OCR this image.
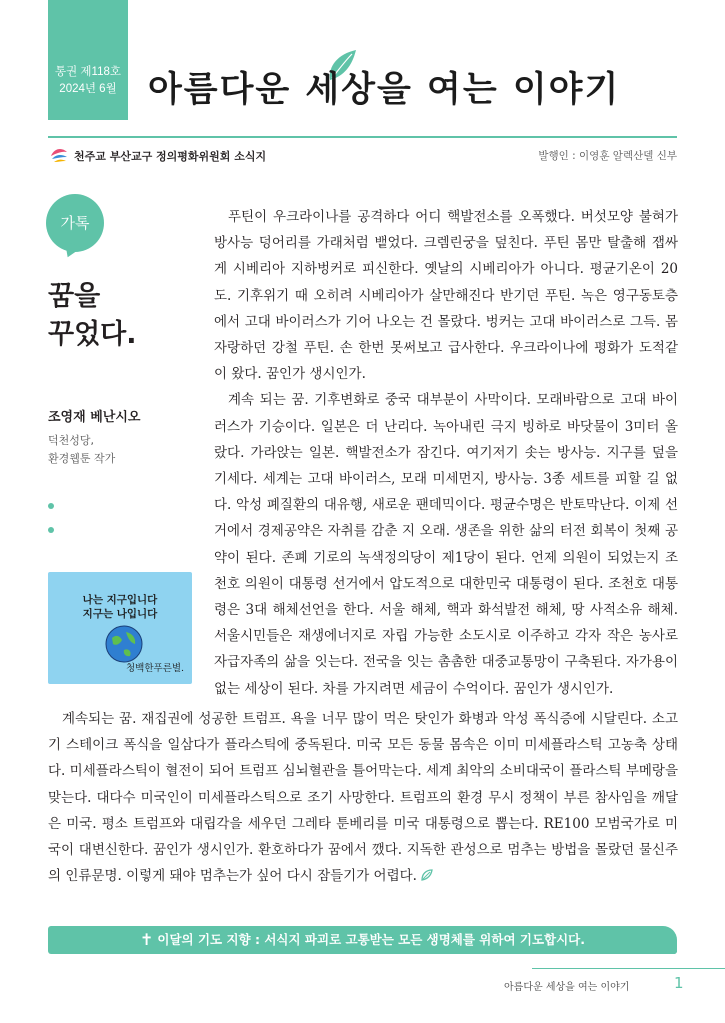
통권 제118호
2024년 6월 아름다운 세상을 여는 이야기
천주교 부산교구 정의평화위원회 소식지	발행인 : 이영훈 알렉산델 신부
가톡
꿈을
꾸었다.
조영재 베난시오
덕천성당,
환경웹툰 작가
나는 지구입니다
지구는 나입니다
청백한푸른별.

푸틴이 우크라이나를 공격하다 어디 핵발전소를 오폭했다. 버섯모양 불혀가 방사능 덩어리를 가래처럼 뱉었다. 크렘린궁을 덮친다. 푸틴 몸만 탈출해 잽싸게 시베리아 지하벙커로 피신한다. 옛날의 시베리아가 아니다. 평균기온이 20도. 기후위기 때 오히려 시베리아가 살만해진다 반기던 푸틴. 녹은 영구동토층에서 고대 바이러스가 기어 나오는 건 몰랐다. 벙커는 고대 바이러스로 그득. 몸 자랑하던 강철 푸틴. 손 한번 못써보고 급사한다. 우크라이나에 평화가 도적같이 왔다. 꿈인가 생시인가.

계속 되는 꿈. 기후변화로 중국 대부분이 사막이다. 모래바람으로 고대 바이러스가 기승이다. 일본은 더 난리다. 녹아내린 극지 빙하로 바닷물이 3미터 올랐다. 가라앉는 일본. 핵발전소가 잠긴다. 여기저기 솟는 방사능. 지구를 덮을 기세다. 세계는 고대 바이러스, 모래 미세먼지, 방사능. 3종 세트를 피할 길 없다. 악성 폐질환의 대유행, 새로운 팬데믹이다. 평균수명은 반토막난다. 이제 선거에서 경제공약은 자취를 감춘 지 오래. 생존을 위한 삶의 터전 회복이 첫째 공약이 된다. 존폐 기로의 녹색정의당이 제1당이 된다. 언제 의원이 되었는지 조천호 의원이 대통령 선거에서 압도적으로 대한민국 대통령이 된다. 조천호 대통령은 3대 해체선언을 한다. 서울 해체, 핵과 화석발전 해체, 땅 사적소유 해체. 서울시민들은 재생에너지로 자립 가능한 소도시로 이주하고 각자 작은 농사로 자급자족의 삶을 잇는다. 전국을 잇는 촘촘한 대중교통망이 구축된다. 자가용이 없는 세상이 된다. 차를 가지려면 세금이 수억이다. 꿈인가 생시인가.

계속되는 꿈. 재집권에 성공한 트럼프. 욕을 너무 많이 먹은 탓인가 화병과 악성 폭식증에 시달린다. 소고기 스테이크 폭식을 일삼다가 플라스틱에 중독된다. 미국 모든 동물 몸속은 이미 미세플라스틱 고농축 상태다. 미세플라스틱이 혈전이 되어 트럼프 심뇌혈관을 틀어막는다. 세계 최악의 소비대국이 플라스틱 부메랑을 맞는다. 대다수 미국인이 미세플라스틱으로 조기 사망한다. 트럼프의 환경 무시 정책이 부른 참사임을 깨달은 미국. 평소 트럼프와 대립각을 세우던 그레타 툰베리를 미국 대통령으로 뽑는다. RE100 모범국가로 미국이 대변신한다. 꿈인가 생시인가. 환호하다가 꿈에서 깼다. 지독한 관성으로 멈추는 방법을 몰랐던 물신주의 인류문명. 이렇게 돼야 멈추는가 싶어 다시 잠들기가 어렵다.

✝ 이달의 기도 지향 : 서식지 파괴로 고통받는 모든 생명체를 위하여 기도합시다.
아름다운 세상을 여는 이야기	1
